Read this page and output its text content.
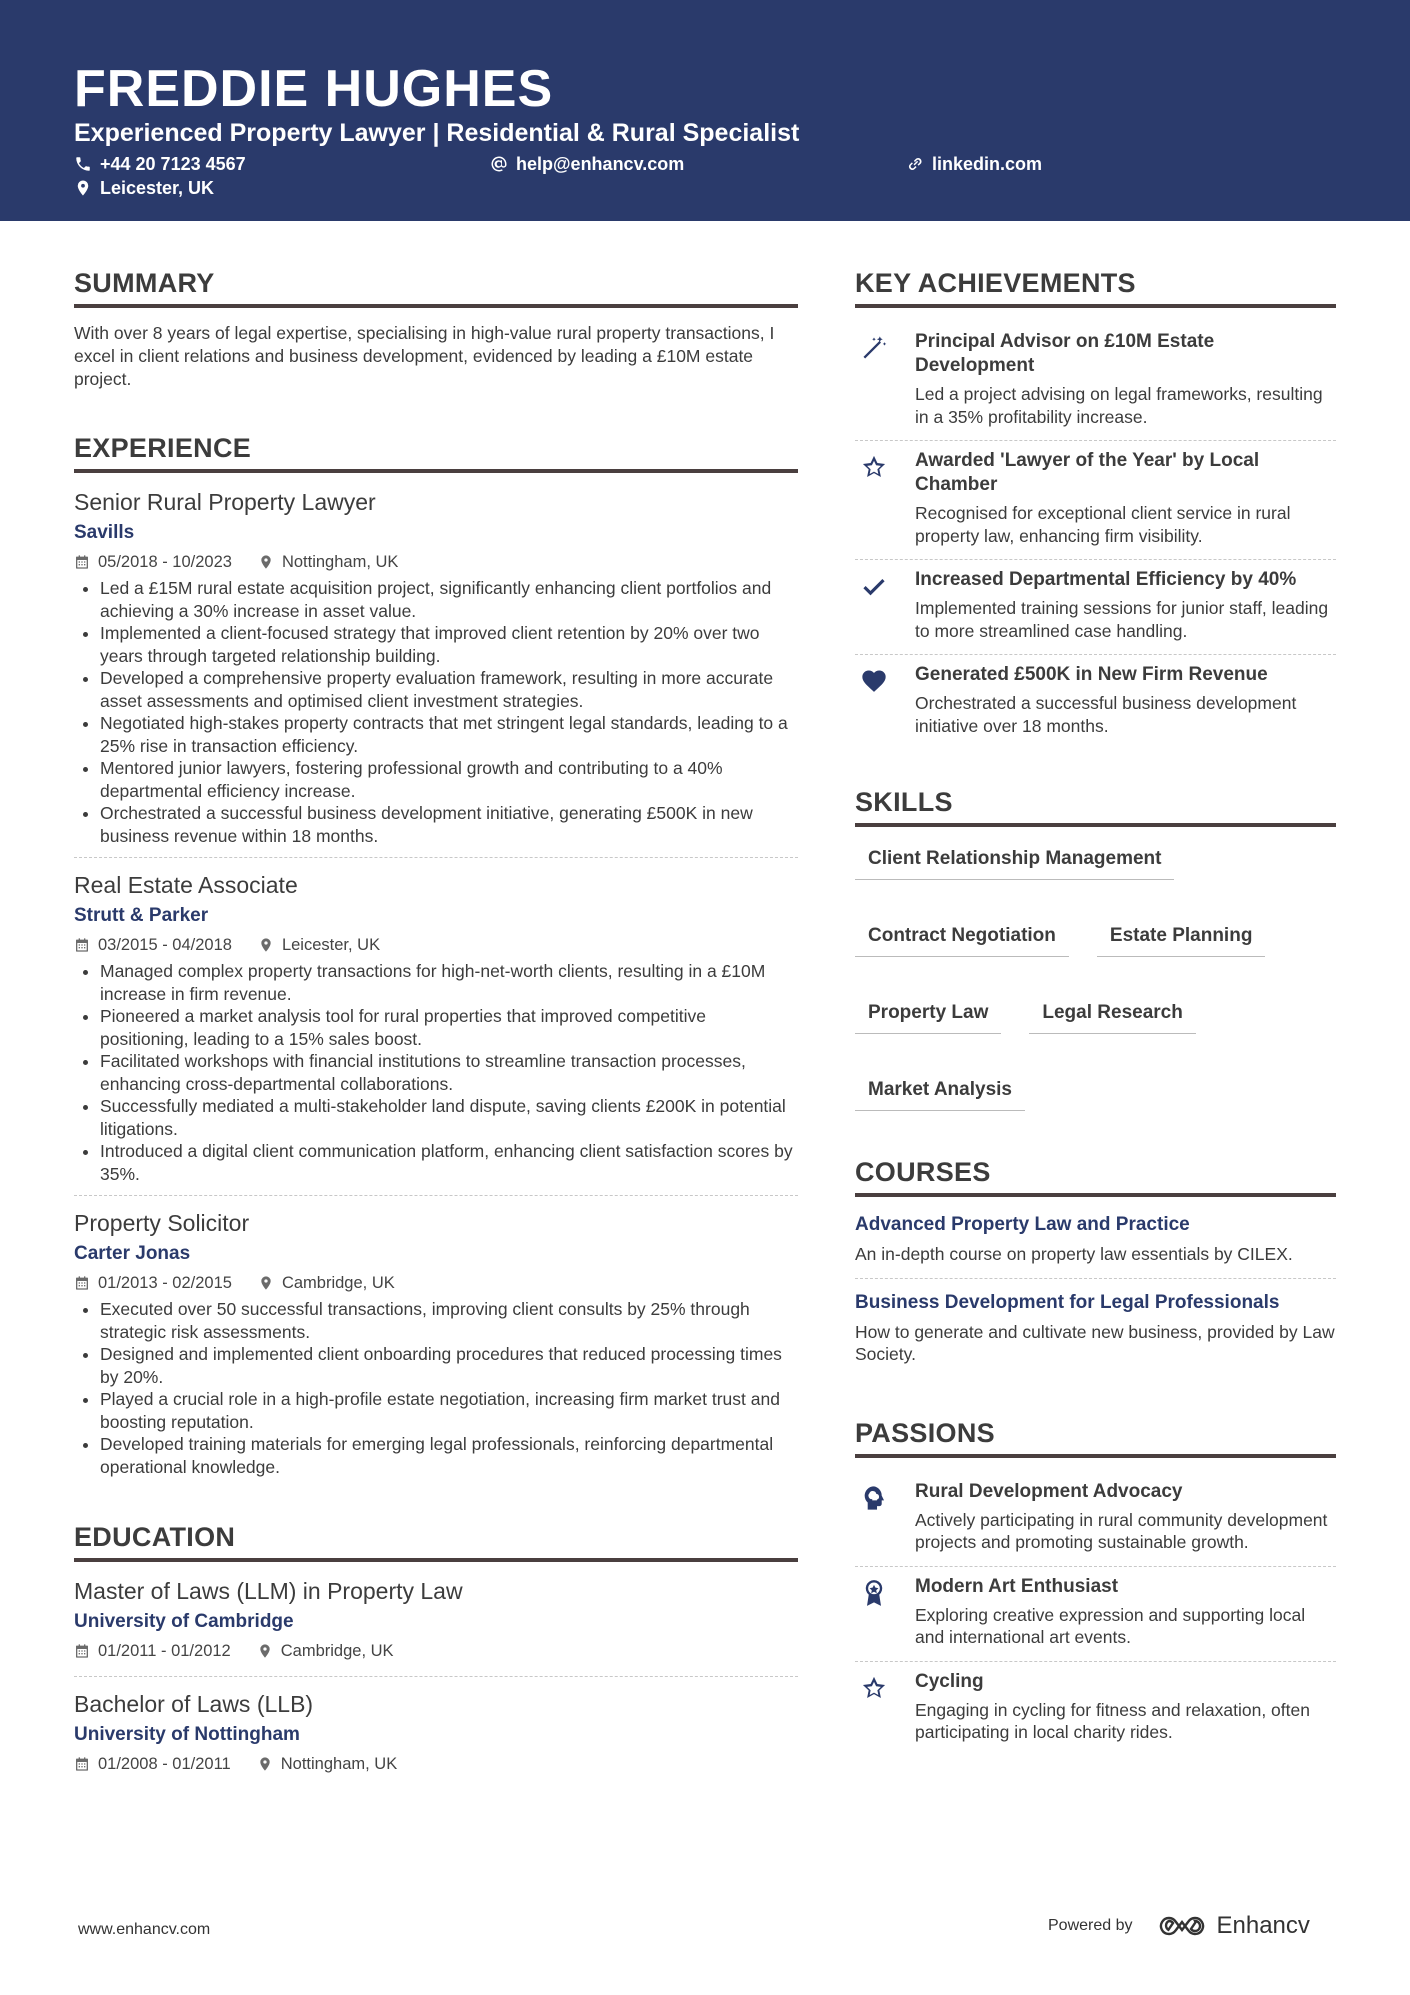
FREDDIE HUGHES
Experienced Property Lawyer | Residential & Rural Specialist
+44 20 7123 4567	help@enhancv.com	linkedin.com
Leicester, UK
SUMMARY

With over 8 years of legal expertise, specialising in high-value rural property transactions, I excel in client relations and business development, evidenced by leading a £10M estate project.

EXPERIENCE
Senior Rural Property Lawyer
Savills
05/2018 - 10/2023	Nottingham, UK
• Led a £15M rural estate acquisition project, significantly enhancing client portfolios and achieving a 30% increase in asset value.
• Implemented a client-focused strategy that improved client retention by 20% over two years through targeted relationship building.
• Developed a comprehensive property evaluation framework, resulting in more accurate asset assessments and optimised client investment strategies.
• Negotiated high-stakes property contracts that met stringent legal standards, leading to a 25% rise in transaction efficiency.
• Mentored junior lawyers, fostering professional growth and contributing to a 40% departmental efficiency increase.
• Orchestrated a successful business development initiative, generating £500K in new business revenue within 18 months.
Real Estate Associate
Strutt & Parker
03/2015 - 04/2018	Leicester, UK
• Managed complex property transactions for high-net-worth clients, resulting in a £10M increase in firm revenue.
• Pioneered a market analysis tool for rural properties that improved competitive positioning, leading to a 15% sales boost.
• Facilitated workshops with financial institutions to streamline transaction processes, enhancing cross-departmental collaborations.
• Successfully mediated a multi-stakeholder land dispute, saving clients £200K in potential litigations.
• Introduced a digital client communication platform, enhancing client satisfaction scores by 35%.
Property Solicitor
Carter Jonas
01/2013 - 02/2015	Cambridge, UK
• Executed over 50 successful transactions, improving client consults by 25% through strategic risk assessments.
• Designed and implemented client onboarding procedures that reduced processing times by 20%.
• Played a crucial role in a high-profile estate negotiation, increasing firm market trust and boosting reputation.
• Developed training materials for emerging legal professionals, reinforcing departmental operational knowledge.
EDUCATION
Master of Laws (LLM) in Property Law
University of Cambridge
01/2011 - 01/2012	Cambridge, UK
Bachelor of Laws (LLB)
University of Nottingham
01/2008 - 01/2011	Nottingham, UK
KEY ACHIEVEMENTS
Principal Advisor on £10M Estate Development
Led a project advising on legal frameworks, resulting in a 35% profitability increase.
Awarded 'Lawyer of the Year' by Local Chamber
Recognised for exceptional client service in rural property law, enhancing firm visibility.
Increased Departmental Efficiency by 40%
Implemented training sessions for junior staff, leading to more streamlined case handling.
Generated £500K in New Firm Revenue
Orchestrated a successful business development initiative over 18 months.
SKILLS
Client Relationship Management
Contract Negotiation	Estate Planning
Property Law	Legal Research
Market Analysis
COURSES
Advanced Property Law and Practice
An in-depth course on property law essentials by CILEX.
Business Development for Legal Professionals
How to generate and cultivate new business, provided by Law Society.
PASSIONS
Rural Development Advocacy
Actively participating in rural community development projects and promoting sustainable growth.
Modern Art Enthusiast
Exploring creative expression and supporting local and international art events.
Cycling
Engaging in cycling for fitness and relaxation, often participating in local charity rides.
www.enhancv.com	Powered by	Enhancv
